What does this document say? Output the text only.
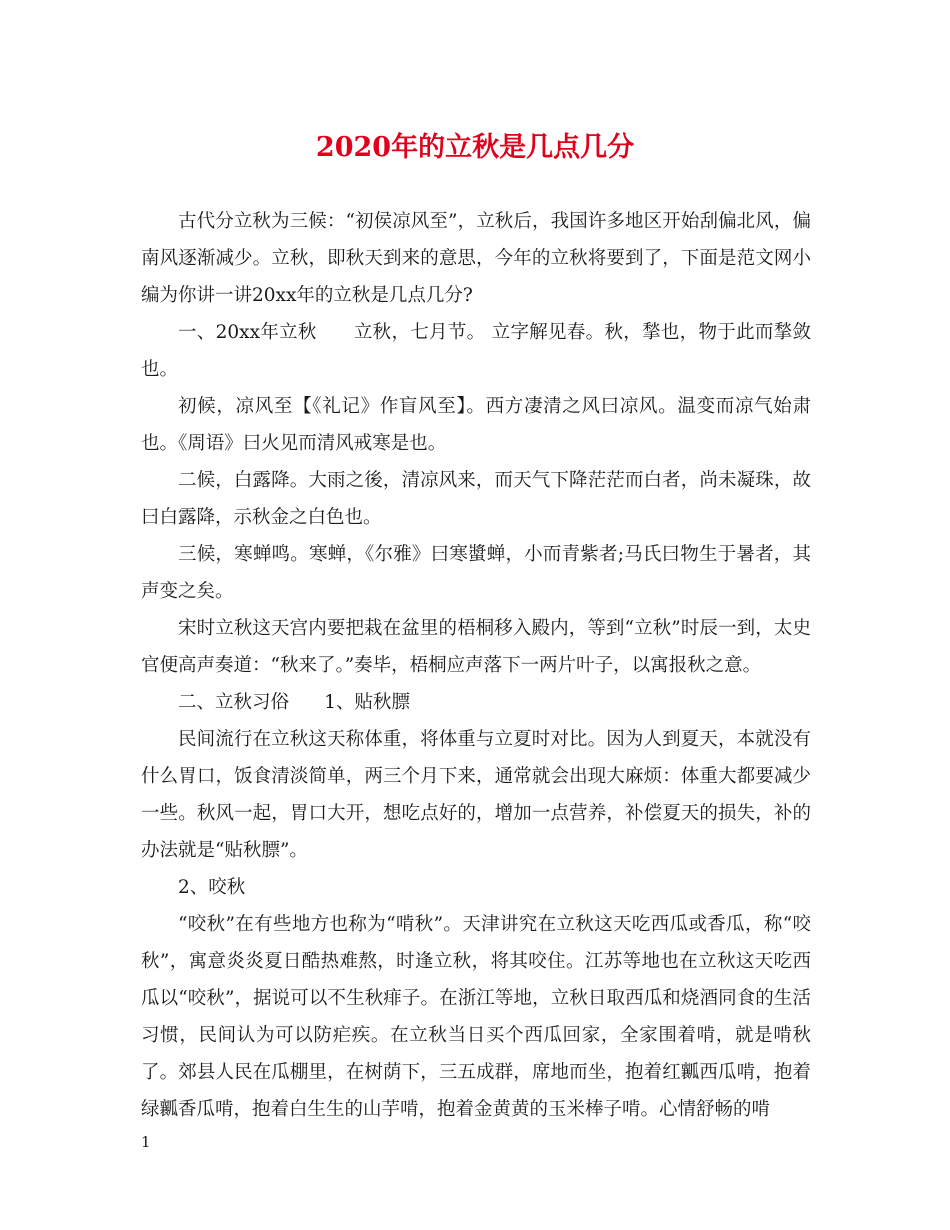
2020年的立秋是几点几分

古代分立秋为三候：“初侯凉风至”，立秋后，我国许多地区开始刮偏北风，偏南风逐渐减少。立秋，即秋天到来的意思，今年的立秋将要到了，下面是范文网小编为你讲一讲20xx年的立秋是几点几分?

一、20xx年立秋      立秋，七月节。 立字解见春。秋，揫也，物于此而揫敛也。

初候，凉风至【《礼记》作盲风至】。西方凄清之风曰凉风。温变而凉气始肃也。《周语》曰火见而清风戒寒是也。

二候，白露降。大雨之後，清凉风来，而天气下降茫茫而白者，尚未凝珠，故曰白露降，示秋金之白色也。

三候，寒蝉鸣。寒蝉，《尔雅》曰寒螿蝉，小而青紫者;马氏曰物生于暑者，其声变之矣。

宋时立秋这天宫内要把栽在盆里的梧桐移入殿内，等到“立秋”时辰一到，太史官便高声奏道：“秋来了。”奏毕，梧桐应声落下一两片叶子，以寓报秋之意。

二、立秋习俗      1、贴秋膘

民间流行在立秋这天称体重，将体重与立夏时对比。因为人到夏天，本就没有什么胃口，饭食清淡简单，两三个月下来，通常就会出现大麻烦：体重大都要减少一些。秋风一起，胃口大开，想吃点好的，增加一点营养，补偿夏天的损失，补的办法就是“贴秋膘”。

2、咬秋

“咬秋”在有些地方也称为“啃秋”。天津讲究在立秋这天吃西瓜或香瓜，称“咬秋”，寓意炎炎夏日酷热难熬，时逢立秋，将其咬住。江苏等地也在立秋这天吃西瓜以“咬秋”，据说可以不生秋痱子。在浙江等地，立秋日取西瓜和烧酒同食的生活习惯，民间认为可以防疟疾。在立秋当日买个西瓜回家，全家围着啃，就是啃秋了。郊县人民在瓜棚里，在树荫下，三五成群，席地而坐，抱着红瓤西瓜啃，抱着绿瓤香瓜啃，抱着白生生的山芋啃，抱着金黄黄的玉米棒子啃。心情舒畅的啃

1
